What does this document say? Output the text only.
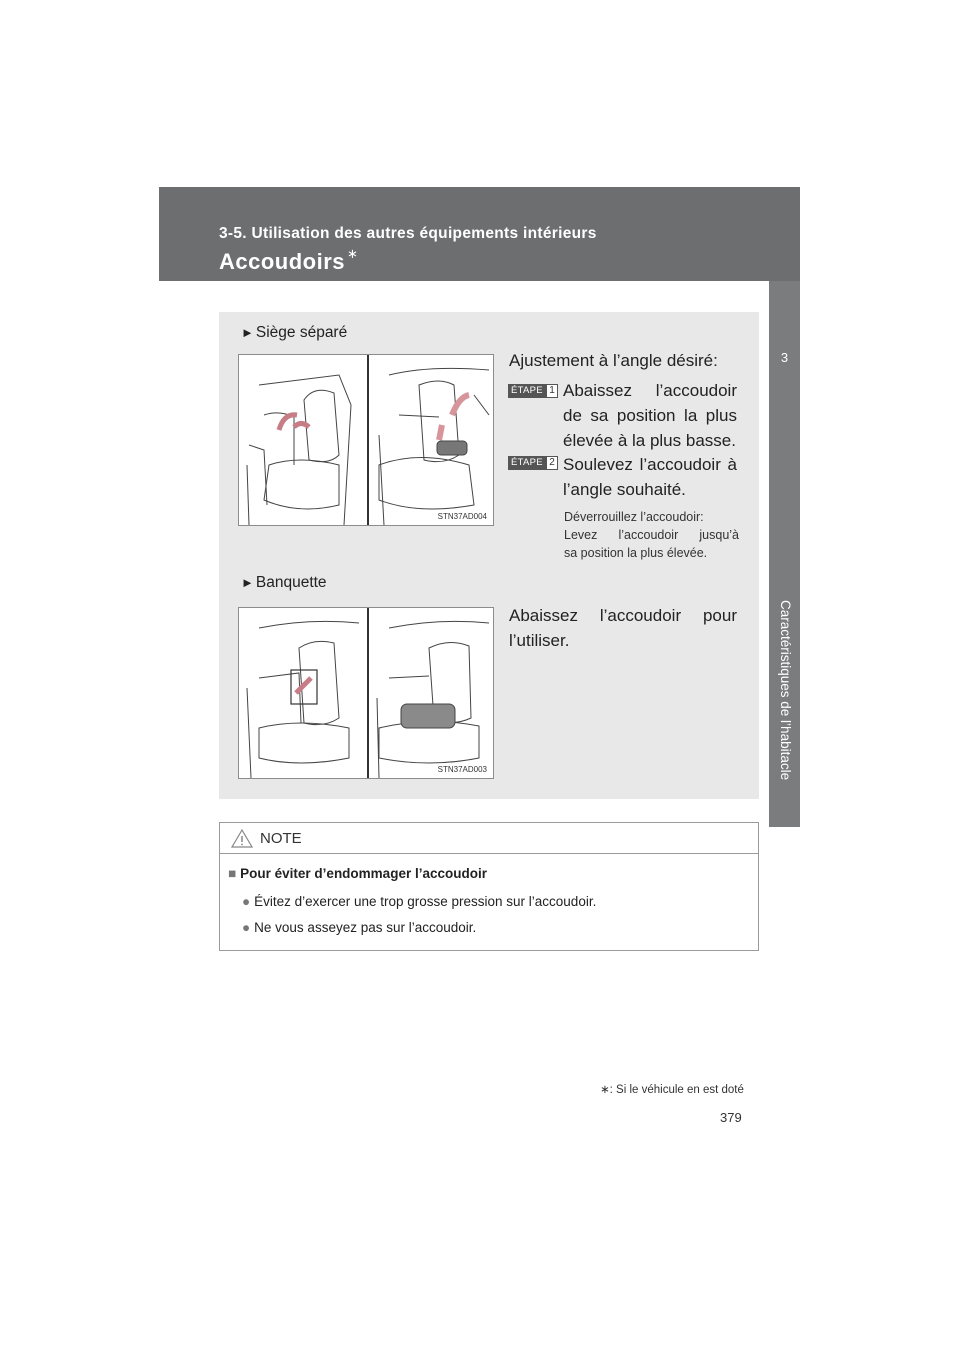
3-5. Utilisation des autres équipements intérieurs
Accoudoirs ∗
3
Caractéristiques de l’habitacle
► Siège séparé
STN37AD004
Ajustement à l’angle désiré:
ÉTAPE 1 Abaissez l’accoudoir
de sa position la plus
élevée à la plus basse.
ÉTAPE 2 Soulevez l’accoudoir à
l’angle souhaité.
Déverrouillez l’accoudoir:
Levez l’accoudoir jusqu’à
sa position la plus élevée.
► Banquette
Abaissez l’accoudoir pour
l’utiliser.
STN37AD003
NOTE
■ Pour éviter d’endommager l’accoudoir
● Évitez d’exercer une trop grosse pression sur l’accoudoir.
● Ne vous asseyez pas sur l’accoudoir.
∗: Si le véhicule en est doté
379
